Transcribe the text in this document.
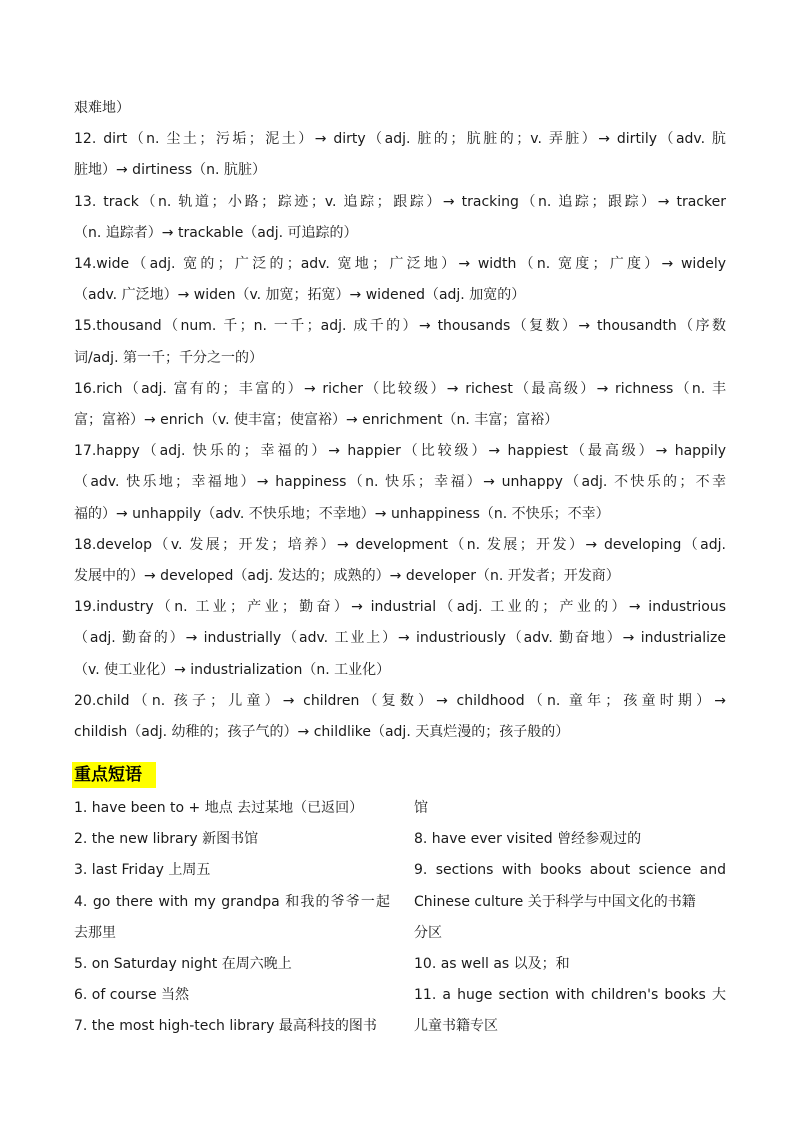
艰难地）
12. dirt（n. 尘土；污垢；泥土）→ dirty（adj. 脏的；肮脏的；v. 弄脏）→ dirtily（adv. 肮
脏地）→ dirtiness（n. 肮脏）
13. track（n. 轨道；小路；踪迹；v. 追踪；跟踪）→ tracking（n. 追踪；跟踪）→ tracker
（n. 追踪者）→ trackable（adj. 可追踪的）
14.wide（adj. 宽的；广泛的；adv. 宽地；广泛地）→ width（n. 宽度；广度）→ widely
（adv. 广泛地）→ widen（v. 加宽；拓宽）→ widened（adj. 加宽的）
15.thousand（num. 千；n. 一千；adj. 成千的）→ thousands（复数）→ thousandth（序数
词/adj. 第一千；千分之一的）
16.rich（adj. 富有的；丰富的）→ richer（比较级）→ richest（最高级）→ richness（n. 丰
富；富裕）→ enrich（v. 使丰富；使富裕）→ enrichment（n. 丰富；富裕）
17.happy（adj. 快乐的；幸福的）→ happier（比较级）→ happiest（最高级）→ happily
（adv. 快乐地；幸福地）→ happiness（n. 快乐；幸福）→ unhappy（adj. 不快乐的；不幸
福的）→ unhappily（adv. 不快乐地；不幸地）→ unhappiness（n. 不快乐；不幸）
18.develop（v. 发展；开发；培养）→ development（n. 发展；开发）→ developing（adj.
发展中的）→ developed（adj. 发达的；成熟的）→ developer（n. 开发者；开发商）
19.industry（n. 工业；产业；勤奋）→ industrial（adj. 工业的；产业的）→ industrious
（adj. 勤奋的）→ industrially（adv. 工业上）→ industriously（adv. 勤奋地）→ industrialize
（v. 使工业化）→ industrialization（n. 工业化）
20.child（n. 孩子；儿童）→ children（复数）→ childhood（n. 童年；孩童时期）→
childish（adj. 幼稚的；孩子气的）→ childlike（adj. 天真烂漫的；孩子般的）
重点短语
1. have been to + 地点 去过某地（已返回）
2. the new library 新图书馆
3. last Friday 上周五
4. go there with my grandpa 和我的爷爷一起
去那里
5. on Saturday night 在周六晚上
6. of course 当然
7. the most high-tech library 最高科技的图书
馆
8. have ever visited 曾经参观过的
9. sections with books about science and
Chinese culture 关于科学与中国文化的书籍
分区
10. as well as 以及；和
11. a huge section with children's books 大
儿童书籍专区
